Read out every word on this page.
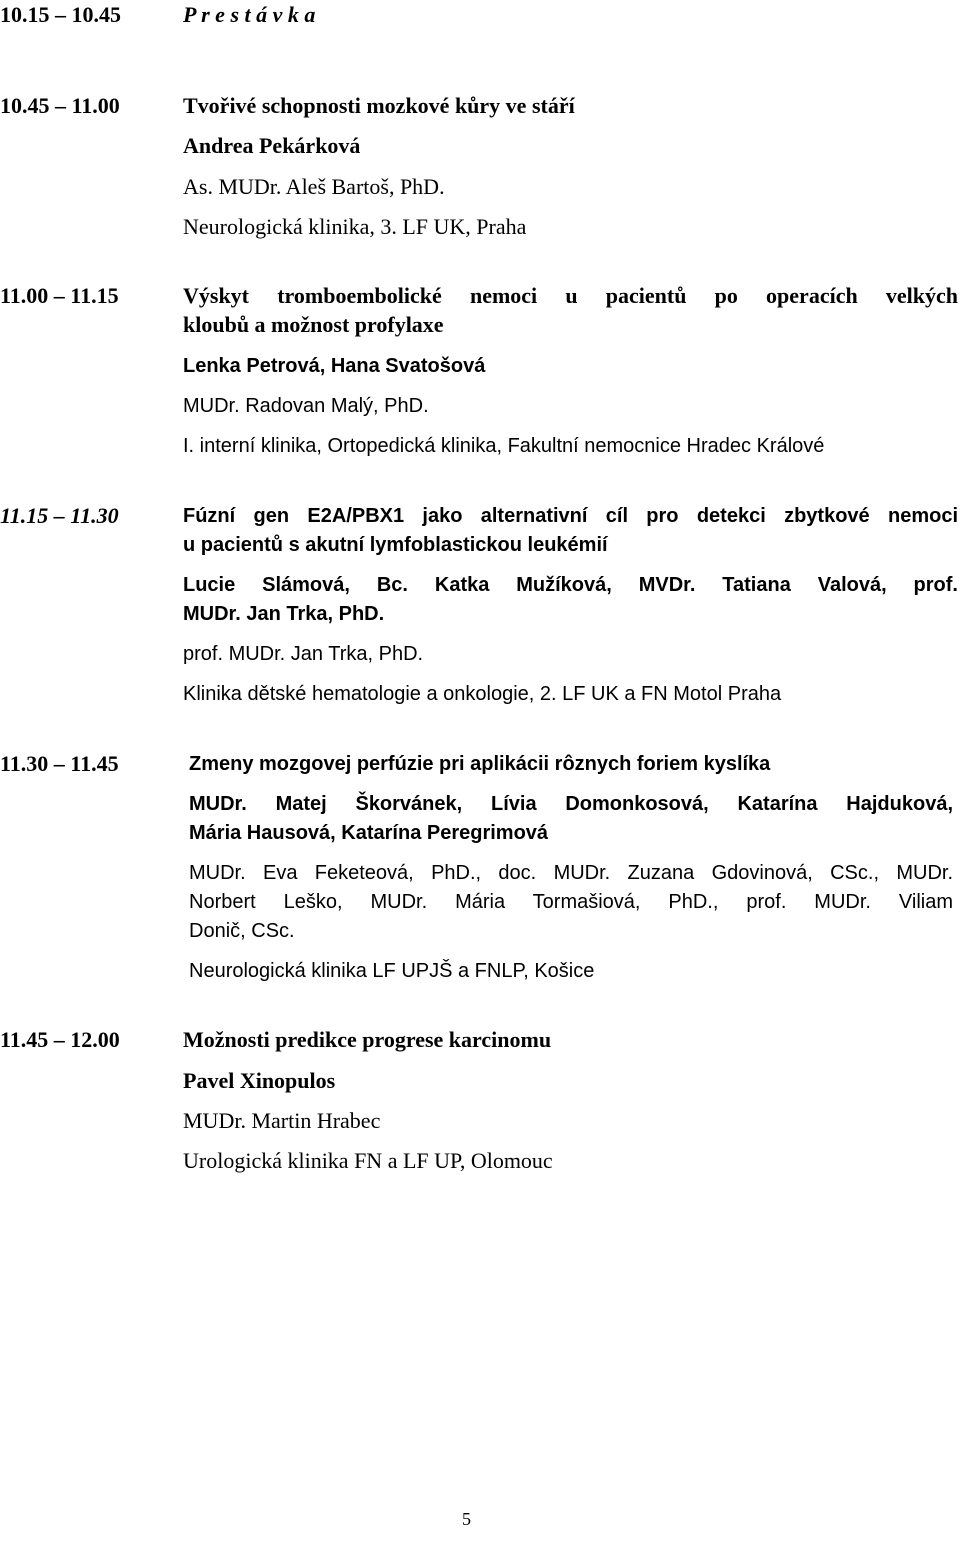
10.15 – 10.45	P r e s t á v k a
10.45 – 11.00	Tvořivé schopnosti mozkové kůry ve stáří
Andrea Pekárková
As. MUDr. Aleš Bartoš, PhD.
Neurologická klinika, 3. LF UK, Praha
11.00 – 11.15	Výskyt tromboembolické nemoci u pacientů po operacích velkých
kloubů a možnost profylaxe
Lenka Petrová, Hana Svatošová
MUDr. Radovan Malý, PhD.
I. interní klinika, Ortopedická klinika, Fakultní nemocnice Hradec Králové
11.15 – 11.30	Fúzní gen E2A/PBX1 jako alternativní cíl pro detekci zbytkové nemoci
u pacientů s akutní lymfoblastickou leukémií
Lucie Slámová, Bc. Katka Mužíková, MVDr. Tatiana Valová, prof.
MUDr. Jan Trka, PhD.
prof. MUDr. Jan Trka, PhD.
Klinika dětské hematologie a onkologie, 2. LF UK a FN Motol Praha
11.30 – 11.45	Zmeny mozgovej perfúzie pri aplikácii rôznych foriem kyslíka
MUDr. Matej Škorvánek, Lívia Domonkosová, Katarína Hajduková,
Mária Hausová, Katarína Peregrimová
MUDr. Eva Feketeová, PhD., doc. MUDr. Zuzana Gdovinová, CSc., MUDr.
Norbert Leško, MUDr. Mária Tormašiová, PhD., prof. MUDr. Viliam
Donič, CSc.
Neurologická klinika LF UPJŠ a FNLP, Košice
11.45 – 12.00	Možnosti predikce progrese karcinomu
Pavel Xinopulos
MUDr. Martin Hrabec
Urologická klinika FN a LF UP, Olomouc
5
